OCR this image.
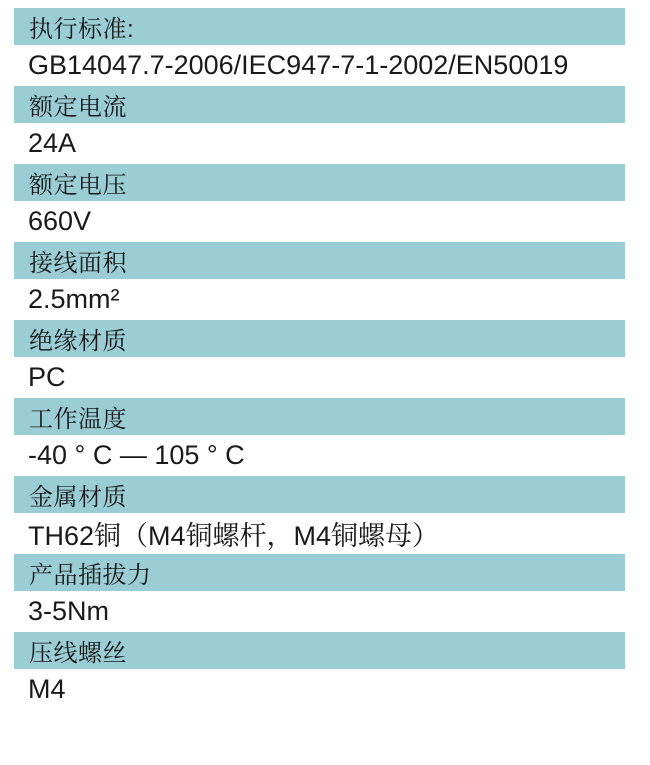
执行标准:
GB14047.7-2006/IEC947-7-1-2002/EN50019
额定电流
24A
额定电压
660V
接线面积
2.5mm²
绝缘材质
PC
工作温度
-40 ° C — 105 ° C
金属材质
TH62铜（M4铜螺杆，M4铜螺母）
产品插拔力
3-5Nm
压线螺丝
M4
